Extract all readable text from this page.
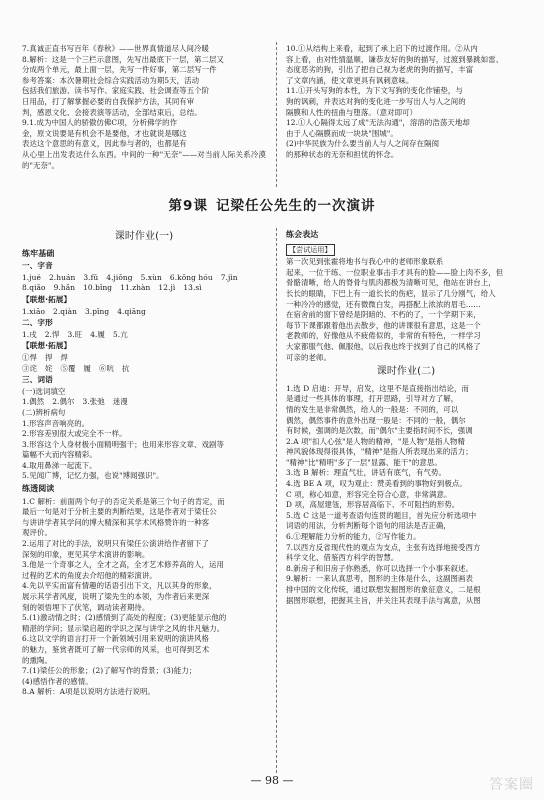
7.真诚正直书写百年《春秋》——世界真情道尽人间冷暖

8.解析：这是一个三栏示意图，先写出最底下一层，第二层又

分成两个单元，最上面一层，先写一件好事，第二层写一件

参考答案：本次暑期社会综合实践活动为期5天，活动

包括我们旅游、读书写作、家庭实践、社会调查等五个阶

日用品，打了解掌握必要的自我保护方法，其同有审

判，感恩文化、会接表演等活动，全部结束后，总结。

9.1.成为中国人的骄傲仿佛C项，分析佛学的作

金，原文说要是有机会不是要他，才也就说是哪这

表达这个意思的有意义，因此参与者的，也都是有

从心里上出发表达什么东西。中间的一种"无奈"——对当前人际关系冷漠的"无奈"。

10.①从结构上来看，起到了承上启下的过渡作用。②从内

容上看，由对性情温顺、谦恭友好的狗的描写，过渡到暴跳如雷、

态度恶劣的狗，引出了把自己视为老虎的狗的描写，丰富

了文章内涵，使文章更具有讽刺意味。

11.①开头写狗的本性，为下文写狗的变化作铺垫，与

狗的讽刺，并表达对狗的变化进一步写出人与人之间的

隔膜和人性的扭曲与堕落。（意对即可）

12.①人心隔得太远了成"无法沟通"，溶溶的浩荡天地却

由于人心隔膜而成一块块"围城"。

(2)中华民族为什么要当前人与人之间存在隔阂

的那种状态的无奈和担忧的怀念。

第9课 记梁任公先生的一次演讲
课时作业(一)
练牢基础
一、字音
1.jué 2.huán 3.fǔ 4.jiǒng 5.xùn 6.kǒng hóu 7.jìn
8.qiǎo 9.hǎn 10.bǐng 11.zhàn 12.jì 13.sì
【联想·拓展】
1.xiāo 2.qiàn 3.pǐng 4.qiāng
二、字形
1.戌 2.悍 3.旺 4.履 5.亢
【联想·拓展】
①悍 捍 焊
③诧 姹 ⑤覆 履 ⑥吭 抗
三、词语

(一)选词填空

1.偶然 2.偶尔 3.张弛 迷漫

(二)辨析病句

1.形容声音响亮的。

2.形容差别很大或完全不一样。

3.形容这个人身材极小面精明强干；也用来形容文章、戏剧等

篇幅不大而内容精彩。

4.取用鼻涕一起流下。

5.见闻广博，记忆力强，也说"博闻强识"。

练透阅读

1.C 解析：前面两个句子的否定关系是第三个句子的肯定，而

最后一句是对于分析主要的判断结果，这是作者对于梁任公

与讲讲学者其学问的博大精深和其学术风格赞许的一种客

观评价。

2.运用了对比的手法，说明只有梁任公演讲给作者留下了

深刻的印象，更见其学术演讲的影响。

3.他是一个奇事之人，全才之高，全才艺术修养高的人，运用

过程的艺术的角度去介绍他的精彩演讲。

4.先以平实而富有情趣的话语引出下文，凡以其身的形象，

展示其学者风度，说明了梁先生的本领，为作者后来更深

刻的领悟埋下了伏笔，调动读者期待。

5.(1)激动情之时；(2)感情到了高处的程度；(3)更能显示他的

精湛的学问；显示梁启超的学识之深与讲学之风的非凡魅力。

6.这以文学的语言打开一个新领域引用来说明的演讲风格

的魅力，鉴赏者既可了解一代宗师的风采，也可得到艺术

的熏陶。

7.(1)梁任公的形象；(2)了解写作的背景；(3)能力；

(4)感悟作者的感情。

8.A 解析：A项是以说明方法进行说明。

练会表达
【尝试运用】

第一次见到张霍将地书与我心中的老师形象联系

起来，一位干练、一位职业事击手才具有的脸——脸上肉不多，但

骨骼清晰，给人的脊骨与肌肉都极为清晰可见，他站在讲台上，

长长的眼睛，下巴上有一道长长的伤疤，显示了几分刚气，给人

一种冷冷的感觉，还有微微白发，再搭配上浓浓的眉毛……

在宿舍前的窗下曾经是阴暗的、不朽的了，一个学期下来，

每节下课都跟着他出去散步，他的讲课很有意思，这是一个

老教师的，好像他从不疲倦似的，非常的有特色，一样学习

大家都服气他、佩服他，以后我也终于找到了自己的风格了

可亲的老师。

课时作业(二)

1.选 D 启迪：开导，启发，这里不是直接指出结论，而

是通过一些具体的事理，打开思路，引导对方了解，

情的发生是非常偶然，给人的一般是：不同的，可以

偶然，偶然事件的意外出现一般是：不同的一般，偶尔

有时候，强调的是次数，而"偶尔"主要指时间不长，强调

2.A 项"扣人心弦"是人物的精神，"是人物"是指人物精

神风貌体现得很具体，"精神"是指人所表现出来的活力；

"精神"比"精明"多了一层"显露、能干"的意思。

3.选 B 解析：理直气壮，讲话有底气，有气势。

4.选 BE A 项，叹为观止：赞美看到的事物好到极点。

C 项，称心如意，形容完全符合心意，非常满意。

D 项，高屋建瓴，形容居高临下、不可阻挡的形势。

5.选 C 这是一道考查语句连贯的题目，首先应分析选项中

词语的用法，分析判断每个语句的用法是否正确，

6.①理解能力分析的能力，②写作能力。

7.以西方反省现代性的观点为支点，主张有选择地接受西方

科学文化、借鉴西方科学的智慧。

8.新房子和旧房子你熟悉，你可以选择一个小事来叙述。

9.解析：一来认真思考，图形的主体是什么，这副图画表

排中国的文化传统，通过联想发掘图形的象征意义，二是根

据图形联想，把握其主旨，并关注其表现手法与寓意，从图

— 98 —	答案圈
